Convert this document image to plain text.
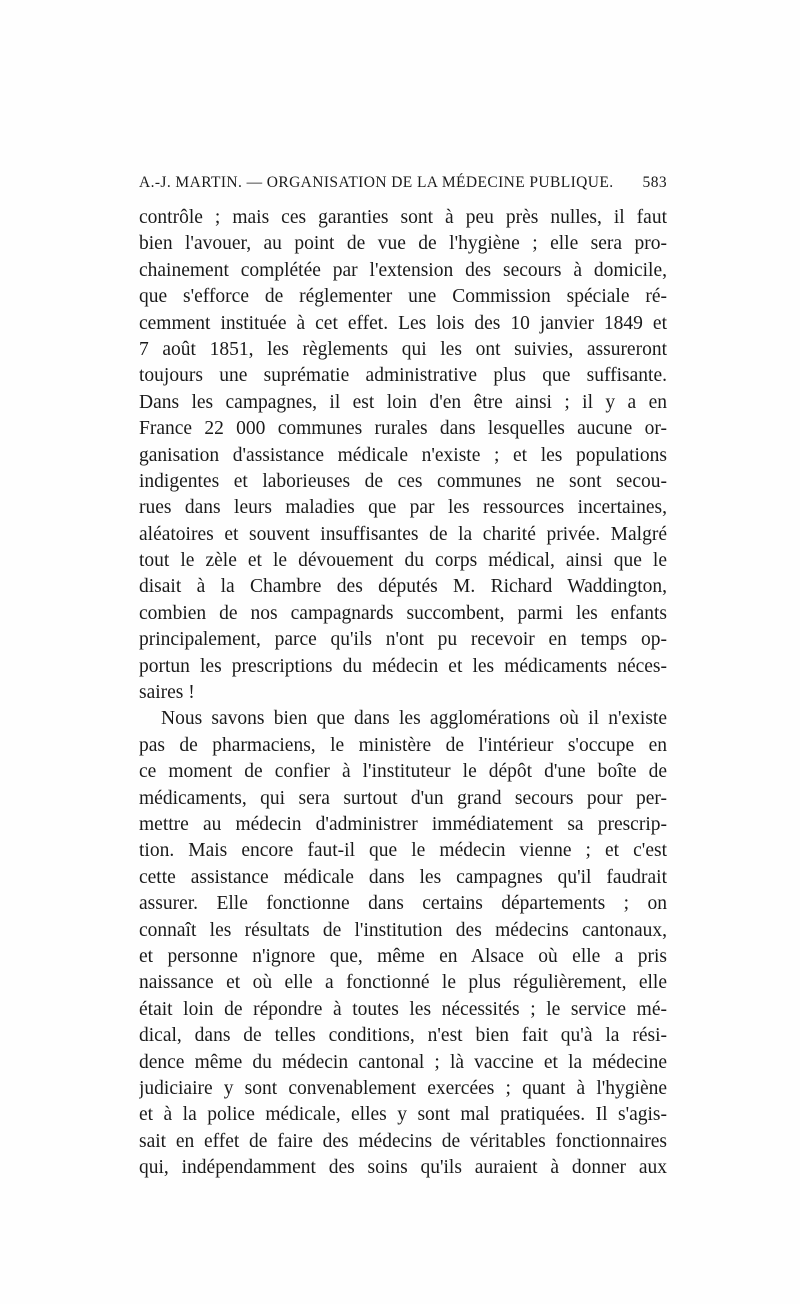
A.-J. MARTIN. — ORGANISATION DE LA MÉDECINE PUBLIQUE. 583
contrôle ; mais ces garanties sont à peu près nulles, il faut
bien l'avouer, au point de vue de l'hygiène ; elle sera pro-
chainement complétée par l'extension des secours à domicile,
que s'efforce de réglementer une Commission spéciale ré-
cemment instituée à cet effet. Les lois des 10 janvier 1849 et
7 août 1851, les règlements qui les ont suivies, assureront
toujours une suprématie administrative plus que suffisante.
Dans les campagnes, il est loin d'en être ainsi ; il y a en
France 22 000 communes rurales dans lesquelles aucune or-
ganisation d'assistance médicale n'existe ; et les populations
indigentes et laborieuses de ces communes ne sont secou-
rues dans leurs maladies que par les ressources incertaines,
aléatoires et souvent insuffisantes de la charité privée. Malgré
tout le zèle et le dévouement du corps médical, ainsi que le
disait à la Chambre des députés M. Richard Waddington,
combien de nos campagnards succombent, parmi les enfants
principalement, parce qu'ils n'ont pu recevoir en temps op-
portun les prescriptions du médecin et les médicaments néces-
saires !
Nous savons bien que dans les agglomérations où il n'existe
pas de pharmaciens, le ministère de l'intérieur s'occupe en
ce moment de confier à l'instituteur le dépôt d'une boîte de
médicaments, qui sera surtout d'un grand secours pour per-
mettre au médecin d'administrer immédiatement sa prescrip-
tion. Mais encore faut-il que le médecin vienne ; et c'est
cette assistance médicale dans les campagnes qu'il faudrait
assurer. Elle fonctionne dans certains départements ; on
connaît les résultats de l'institution des médecins cantonaux,
et personne n'ignore que, même en Alsace où elle a pris
naissance et où elle a fonctionné le plus régulièrement, elle
était loin de répondre à toutes les nécessités ; le service mé-
dical, dans de telles conditions, n'est bien fait qu'à la rési-
dence même du médecin cantonal ; là vaccine et la médecine
judiciaire y sont convenablement exercées ; quant à l'hygiène
et à la police médicale, elles y sont mal pratiquées. Il s'agis-
sait en effet de faire des médecins de véritables fonctionnaires
qui, indépendamment des soins qu'ils auraient à donner aux
